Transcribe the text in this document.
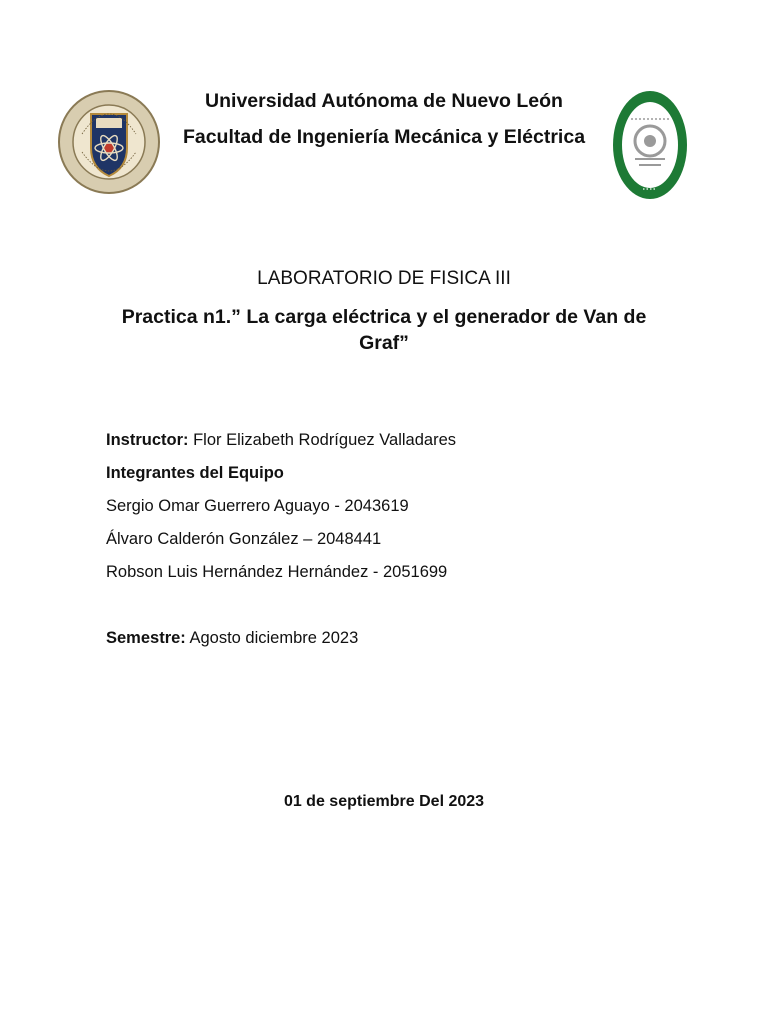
Universidad Autónoma de Nuevo León
Facultad de Ingeniería Mecánica y Eléctrica
LABORATORIO DE FISICA III
Practica n1.” La carga eléctrica y el generador de Van de Graf”
Instructor: Flor Elizabeth Rodríguez Valladares
Integrantes del Equipo
Sergio Omar Guerrero Aguayo - 2043619
Álvaro Calderón González – 2048441
Robson Luis Hernández Hernández - 2051699
Semestre: Agosto diciembre 2023
01 de septiembre Del 2023
